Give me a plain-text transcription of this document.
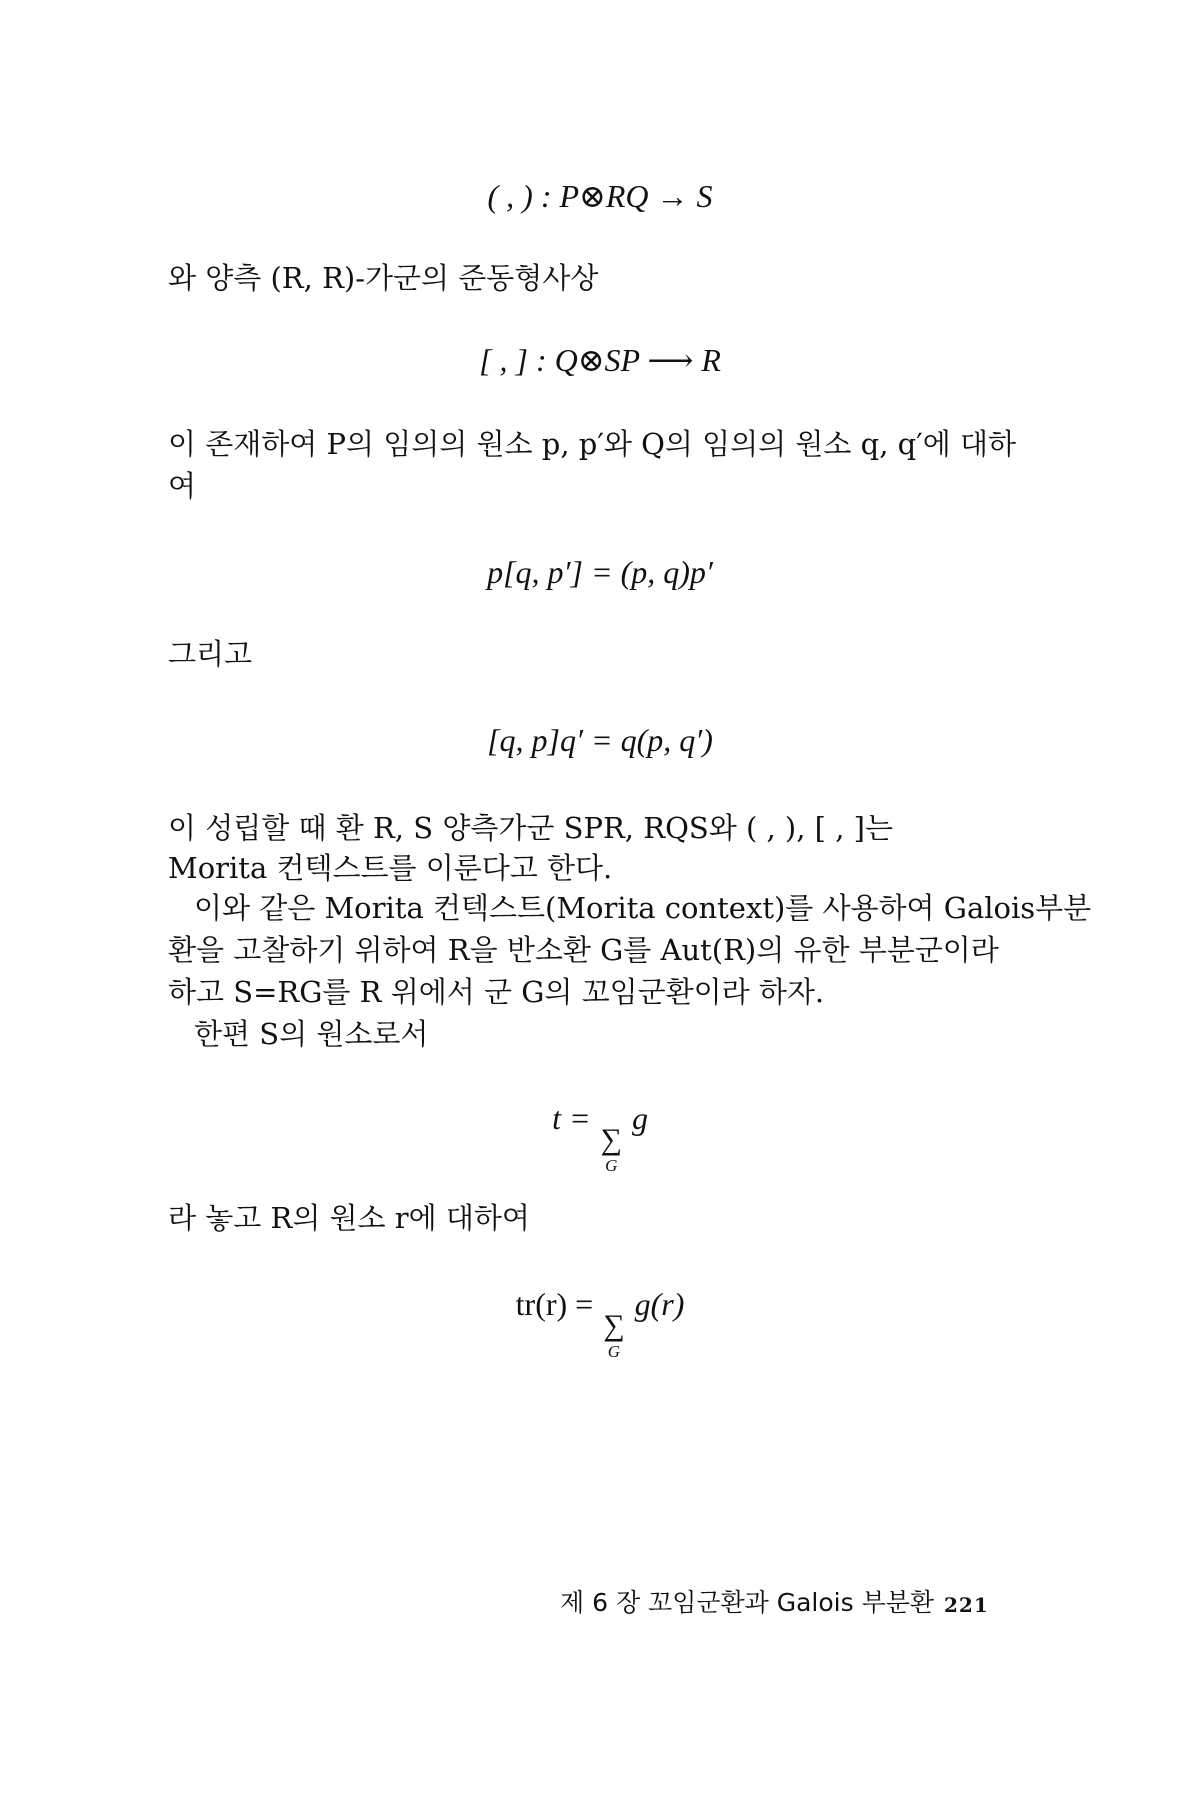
( , ) : P⊗RQ → S
와 양측 (R, R)-가군의 준동형사상
[ , ] : Q⊗SP ⟶ R
이 존재하여 P의 임의의 원소 p, p′와 Q의 임의의 원소 q, q′에 대하
여
p[q, p′] = (p, q)p′
그리고
[q, p]q′ = q(p, q′)
이 성립할 때 환 R, S 양측가군 SPR, RQS와 ( , ), [ , ]는
Morita 컨텍스트를 이룬다고 한다.
이와 같은 Morita 컨텍스트(Morita context)를 사용하여 Galois부분
환을 고찰하기 위하여 R을 반소환 G를 Aut(R)의 유한 부분군이라
하고 S=RG를 R 위에서 군 G의 꼬임군환이라 하자.
한편 S의 원소로서
t =
∑
G
g
라 놓고 R의 원소 r에 대하여
tr(r) =
∑
G
g(r)
제 6 장 꼬임군환과 Galois 부분환 221
